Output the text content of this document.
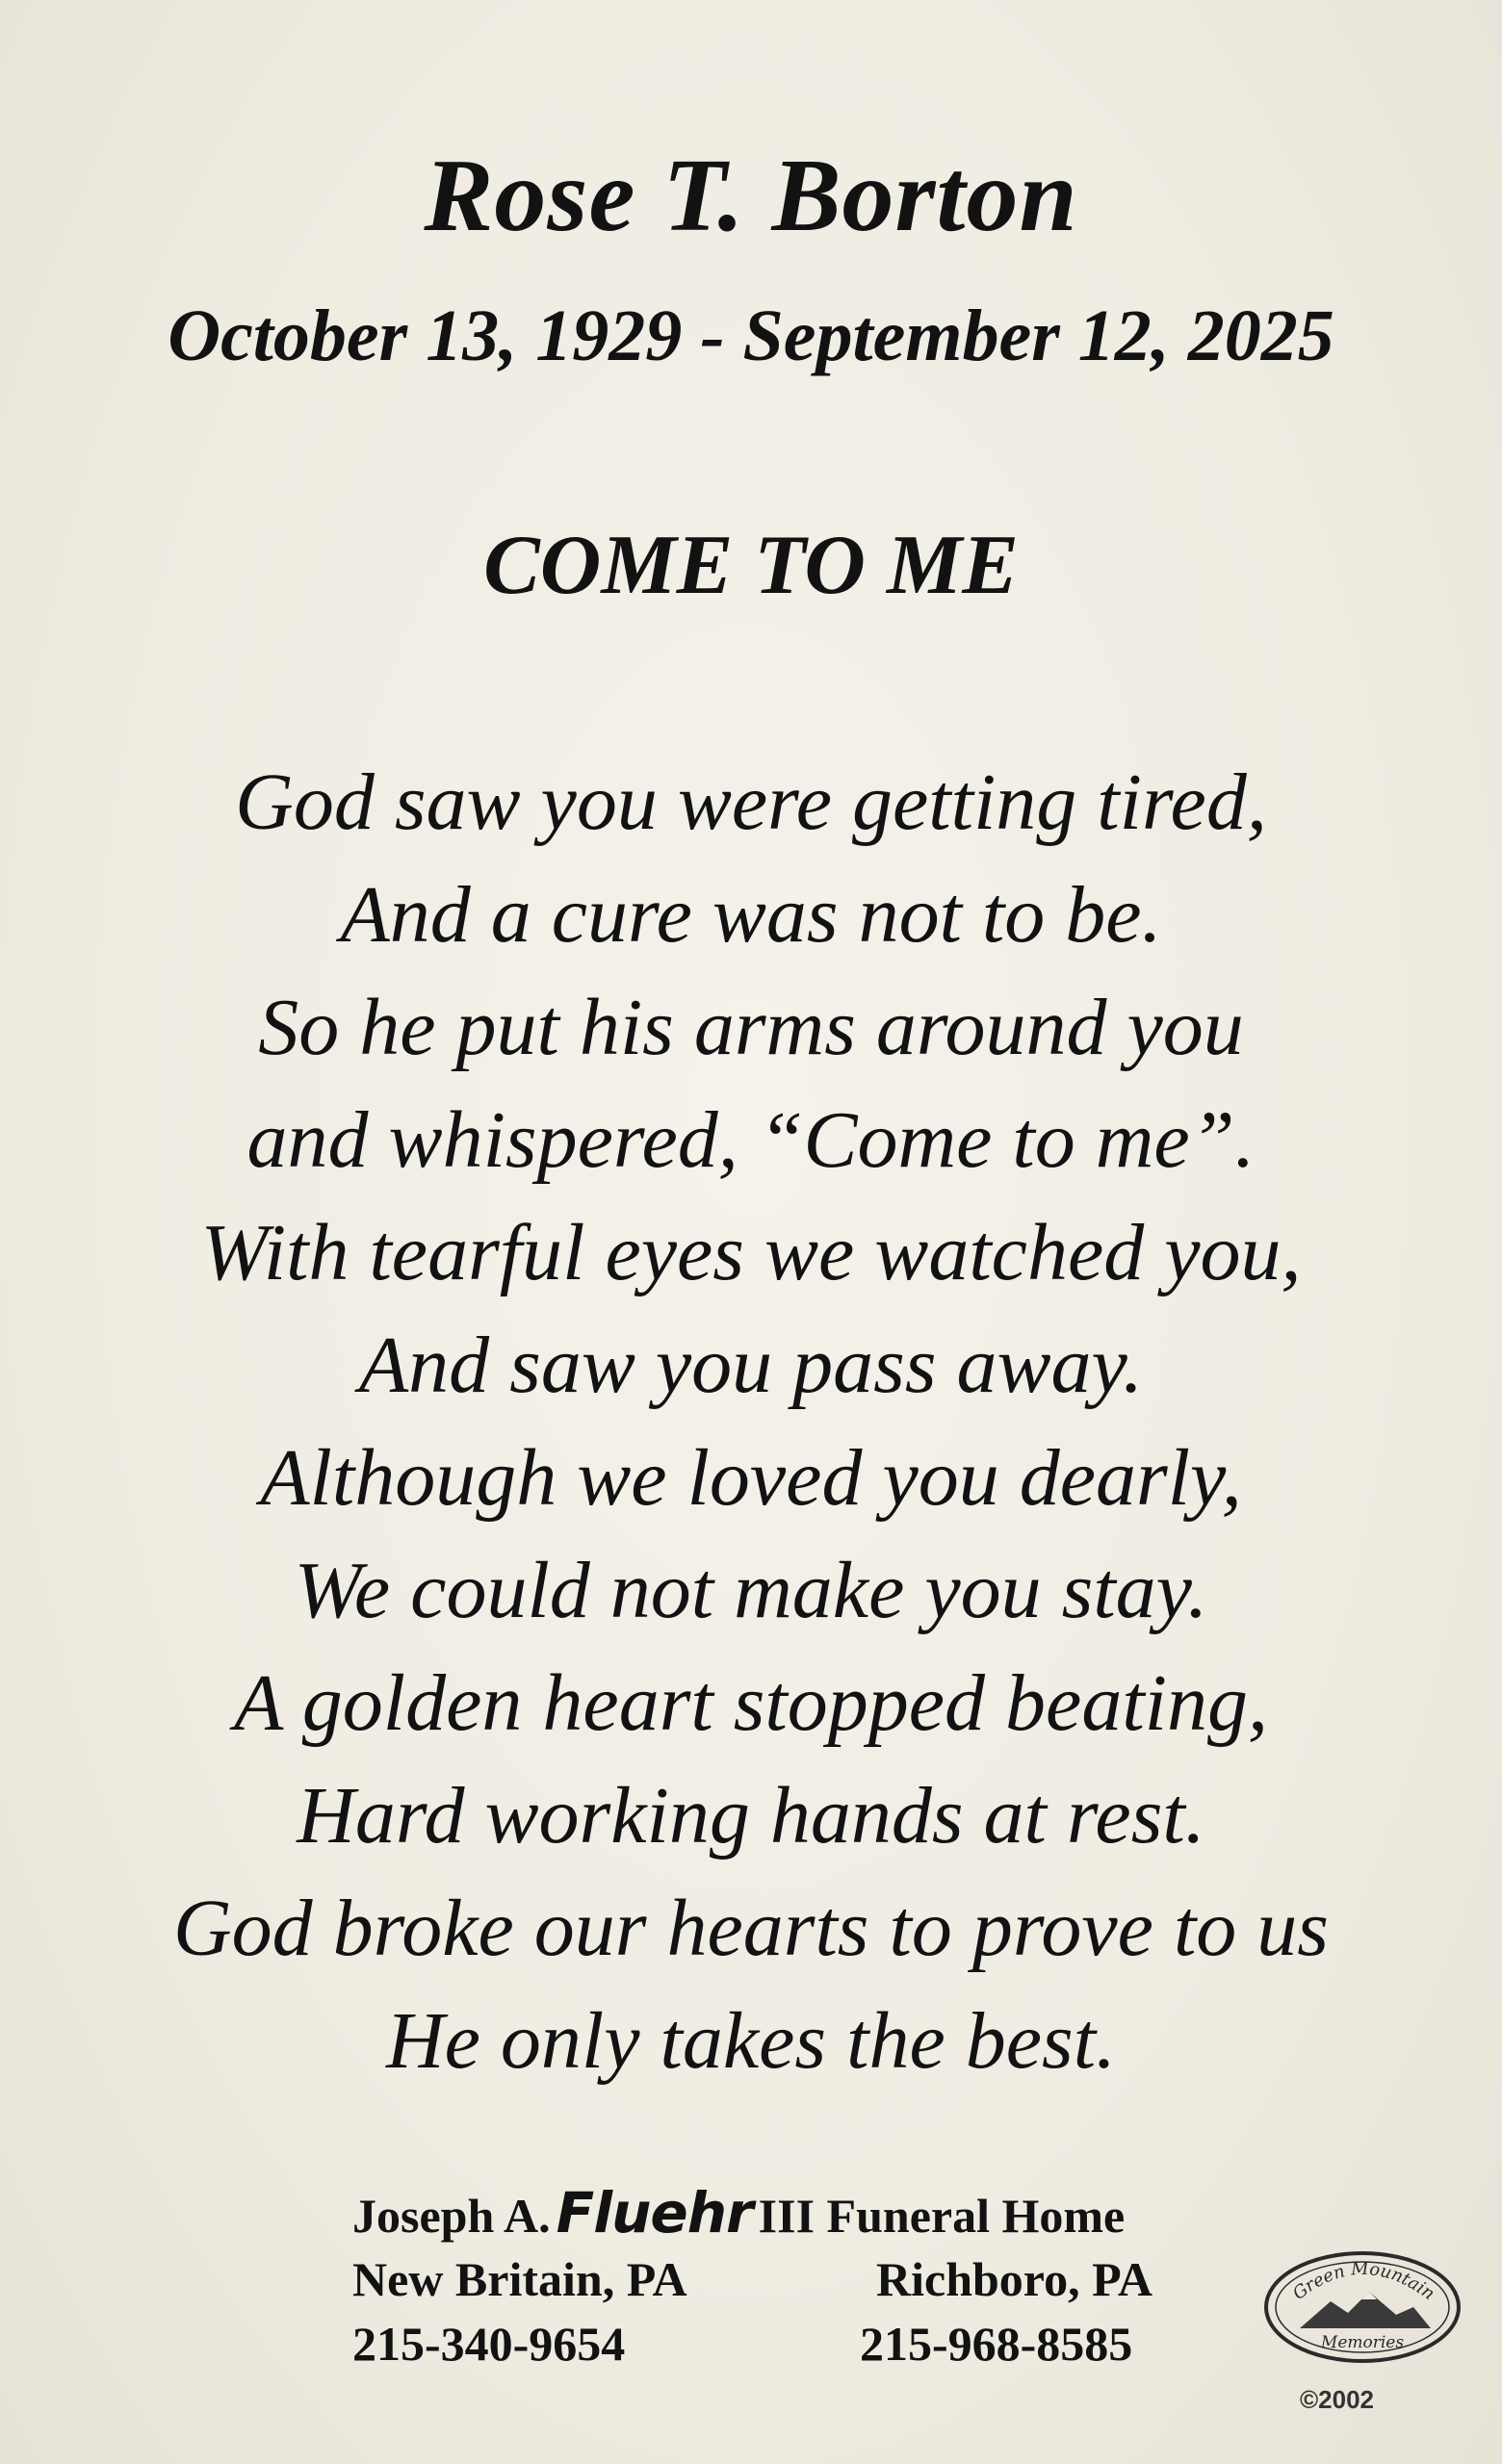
Rose T. Borton
October 13, 1929 - September 12, 2025
COME TO ME
God saw you were getting tired,
And a cure was not to be.
So he put his arms around you
and whispered, “Come to me”.
With tearful eyes we watched you,
And saw you pass away.
Although we loved you dearly,
We could not make you stay.
A golden heart stopped beating,
Hard working hands at rest.
God broke our hearts to prove to us
He only takes the best.
Joseph A. Fluehr III Funeral Home
New Britain, PA
215-340-9654
Richboro, PA
215-968-8585
Green Mountain
Memories
©2002
